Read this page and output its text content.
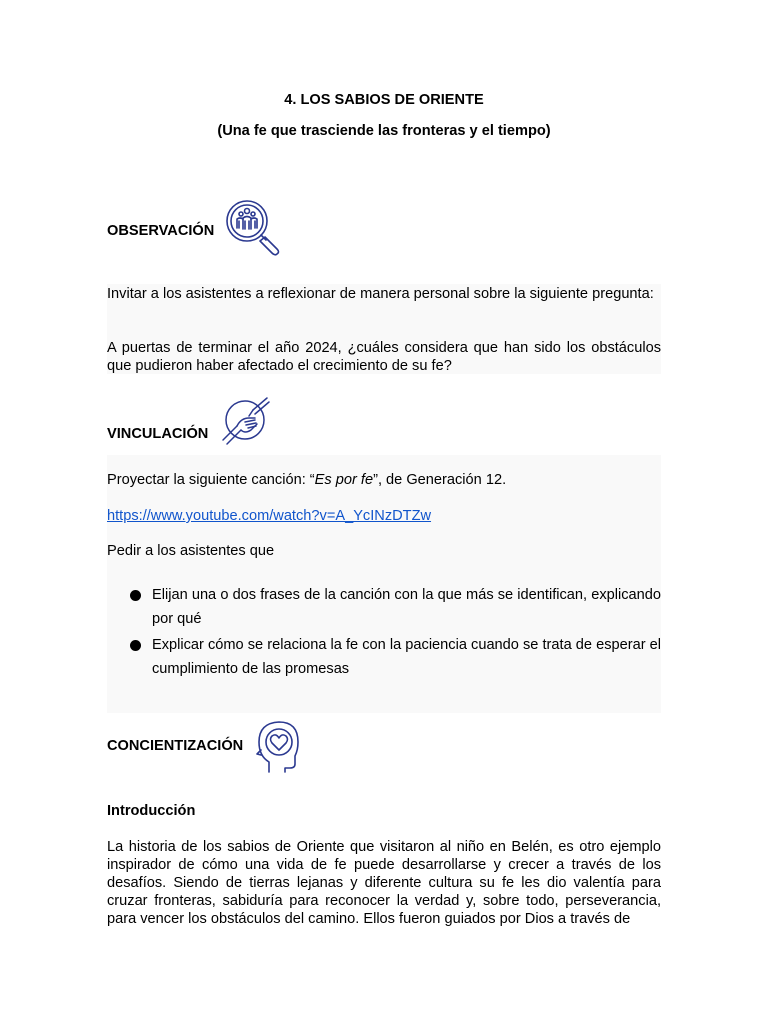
4. LOS SABIOS DE ORIENTE
(Una fe que trasciende las fronteras y el tiempo)
OBSERVACIÓN

Invitar a los asistentes a reflexionar de manera personal sobre la siguiente pregunta:

A puertas de terminar el año 2024, ¿cuáles considera que han sido los obstáculos que pudieron haber afectado el crecimiento de su fe?

VINCULACIÓN

Proyectar la siguiente canción: “Es por fe”, de Generación 12.

https://www.youtube.com/watch?v=A_YcINzDTZw

Pedir a los asistentes que

Elijan una o dos frases de la canción con la que más se identifican, explicando por qué
Explicar cómo se relaciona la fe con la paciencia cuando se trata de esperar el cumplimiento de las promesas
CONCIENTIZACIÓN
Introducción

La historia de los sabios de Oriente que visitaron al niño en Belén, es otro ejemplo inspirador de cómo una vida de fe puede desarrollarse y crecer a través de los desafíos. Siendo de tierras lejanas y diferente cultura su fe les dio valentía para cruzar fronteras, sabiduría para reconocer la verdad y, sobre todo, perseverancia, para vencer los obstáculos del camino. Ellos fueron guiados por Dios a través de
